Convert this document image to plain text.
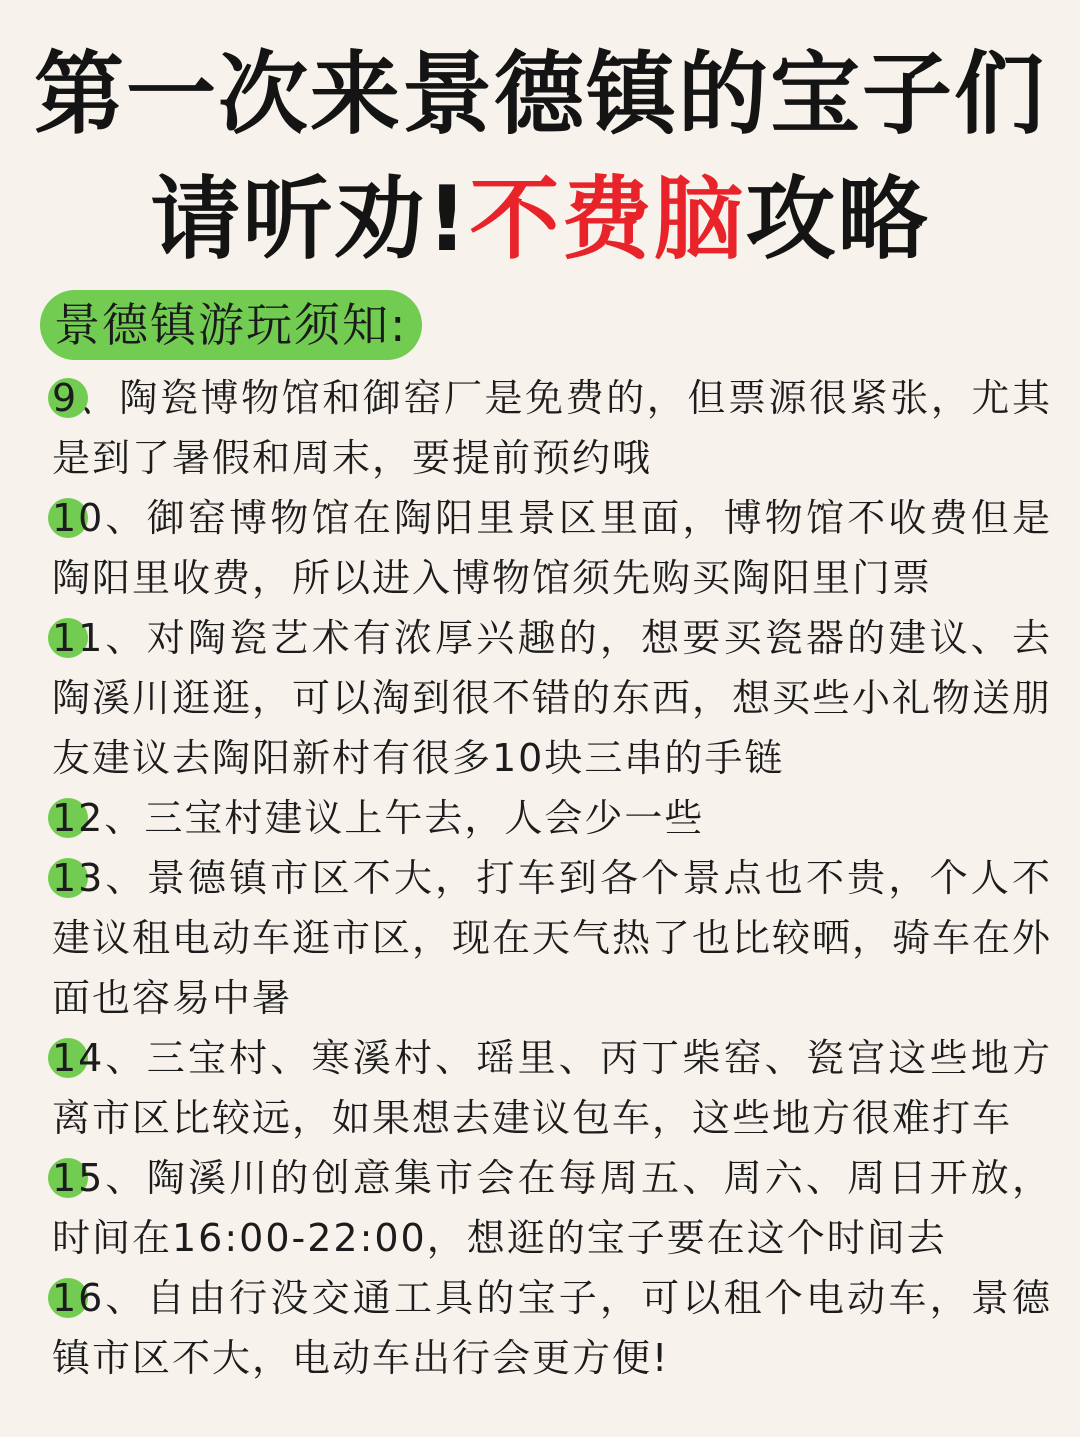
第一次来景德镇的宝子们
请听劝!不费脑攻略
景德镇游玩须知:

9、陶瓷博物馆和御窑厂是免费的，但票源很紧张，尤其是到了暑假和周末，要提前预约哦

10、御窑博物馆在陶阳里景区里面，博物馆不收费但是陶阳里收费，所以进入博物馆须先购买陶阳里门票

11、对陶瓷艺术有浓厚兴趣的，想要买瓷器的建议、去陶溪川逛逛，可以淘到很不错的东西，想买些小礼物送朋友建议去陶阳新村有很多10块三串的手链

12、三宝村建议上午去，人会少一些

13、景德镇市区不大，打车到各个景点也不贵，个人不建议租电动车逛市区，现在天气热了也比较晒，骑车在外面也容易中暑

14、三宝村、寒溪村、瑶里、丙丁柴窑、瓷宫这些地方离市区比较远，如果想去建议包车，这些地方很难打车

15、陶溪川的创意集市会在每周五、周六、周日开放，时间在16:00-22:00，想逛的宝子要在这个时间去

16、自由行没交通工具的宝子，可以租个电动车，景德镇市区不大，电动车出行会更方便!
